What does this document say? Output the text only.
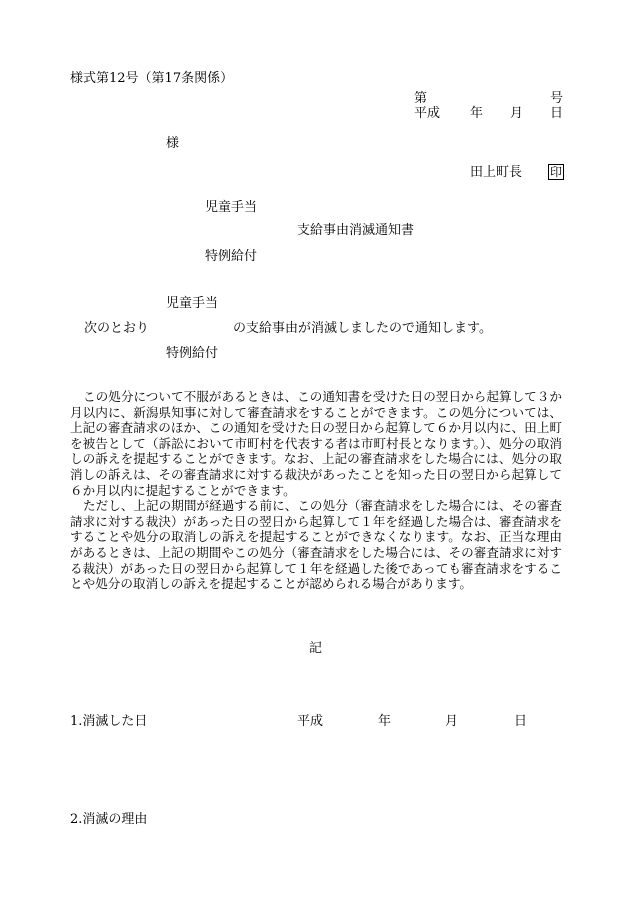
様式第12号（第17条関係）
第	号
平成 年 月 日
様
田上町長 印
児童手当
支給事由消滅通知書
特例給付
児童手当
次のとおり	の支給事由が消滅しましたので通知します。
特例給付

この処分について不服があるときは、この通知書を受けた日の翌日から起算して３か月以内に、新潟県知事に対して審査請求をすることができます。この処分については、上記の審査請求のほか、この通知を受けた日の翌日から起算して６か月以内に、田上町を被告として（訴訟において市町村を代表する者は市町村長となります。）、処分の取消しの訴えを提起することができます。なお、上記の審査請求をした場合には、処分の取消しの訴えは、その審査請求に対する裁決があったことを知った日の翌日から起算して６か月以内に提起することができます。

ただし、上記の期間が経過する前に、この処分（審査請求をした場合には、その審査請求に対する裁決）があった日の翌日から起算して１年を経過した場合は、審査請求をすることや処分の取消しの訴えを提起することができなくなります。なお、正当な理由があるときは、上記の期間やこの処分（審査請求をした場合には、その審査請求に対する裁決）があった日の翌日から起算して１年を経過した後であっても審査請求をすることや処分の取消しの訴えを提起することが認められる場合があります。

記
1.消滅した日	平成	年	月	日
2.消滅の理由
